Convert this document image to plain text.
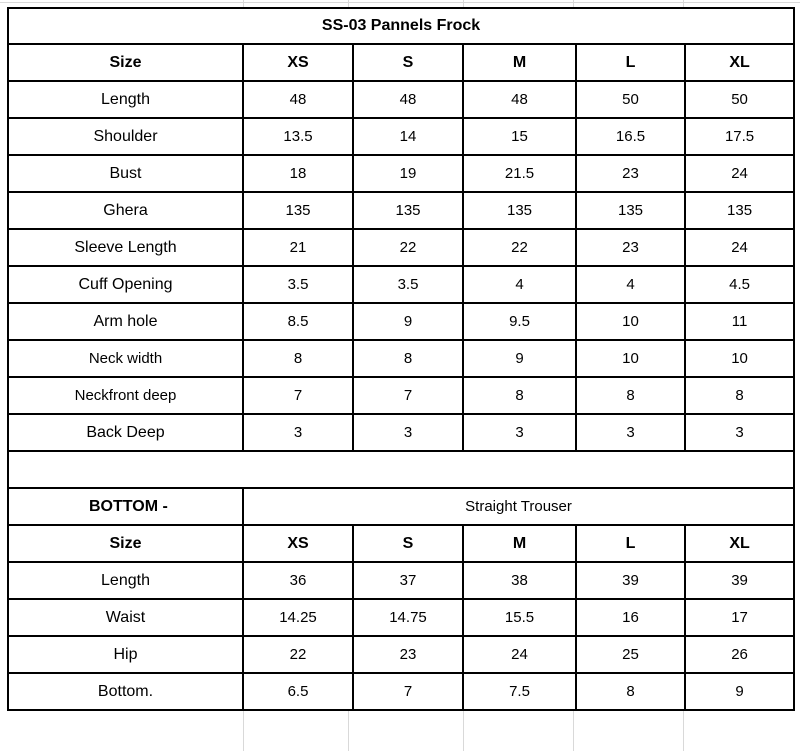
SS-03 Pannels Frock					
Size	XS	S	M	L	XL
Length	48	48	48	50	50
Shoulder	13.5	14	15	16.5	17.5
Bust	18	19	21.5	23	24
Ghera	135	135	135	135	135
Sleeve Length	21	22	22	23	24
Cuff Opening	3.5	3.5	4	4	4.5
Arm hole	8.5	9	9.5	10	11
Neck width	8	8	9	10	10
Neckfront deep	7	7	8	8	8
Back Deep	3	3	3	3	3

BOTTOM -	Straight Trouser				
Size	XS	S	M	L	XL
Length	36	37	38	39	39
Waist	14.25	14.75	15.5	16	17
Hip	22	23	24	25	26
Bottom.	6.5	7	7.5	8	9
